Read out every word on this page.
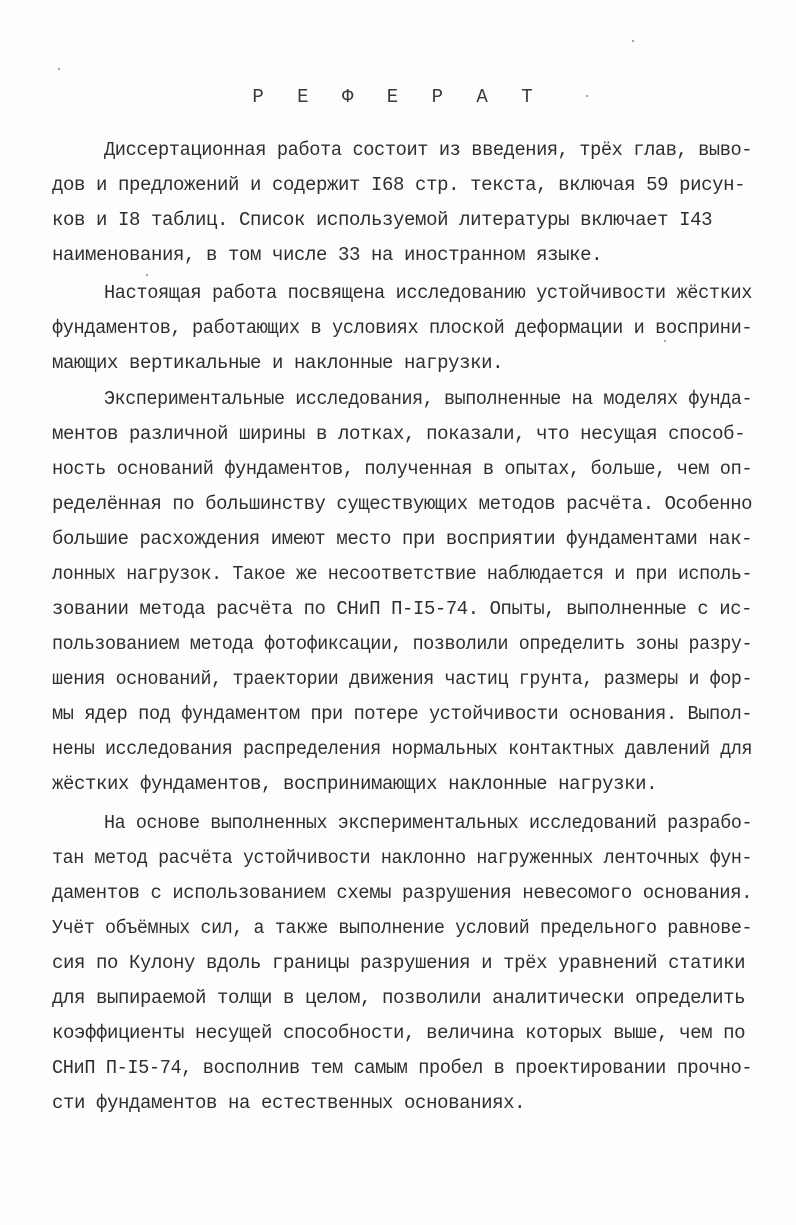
Р Е Ф Е Р А Т
Диссертационная работа состоит из введения, трёх глав, выво-
дов и предложений и содержит I68 стр. текста, включая 59 рисун-
ков и I8 таблиц. Список используемой литературы включает I43
наименования, в том числе 33 на иностранном языке.
Настоящая работа посвящена исследованию устойчивости жёстких
фундаментов, работающих в условиях плоской деформации и восприни-
мающих вертикальные и наклонные нагрузки.
Экспериментальные исследования, выполненные на моделях фунда-
ментов различной ширины в лотках, показали, что несущая способ-
ность оснований фундаментов, полученная в опытах, больше, чем оп-
ределённая по большинству существующих методов расчёта. Особенно
большие расхождения имеют место при восприятии фундаментами нак-
лонных нагрузок. Такое же несоответствие наблюдается и при исполь-
зовании метода расчёта по СНиП П-I5-74. Опыты, выполненные с ис-
пользованием метода фотофиксации, позволили определить зоны разру-
шения оснований, траектории движения частиц грунта, размеры и фор-
мы ядер под фундаментом при потере устойчивости основания. Выпол-
нены исследования распределения нормальных контактных давлений для
жёстких фундаментов, воспринимающих наклонные нагрузки.
На основе выполненных экспериментальных исследований разрабо-
тан метод расчёта устойчивости наклонно нагруженных ленточных фун-
даментов с использованием схемы разрушения невесомого основания.
Учёт объёмных сил, а также выполнение условий предельного равнове-
сия по Кулону вдоль границы разрушения и трёх уравнений статики
для выпираемой толщи в целом, позволили аналитически определить
коэффициенты несущей способности, величина которых выше, чем по
СНиП П-I5-74, восполнив тем самым пробел в проектировании прочно-
сти фундаментов на естественных основаниях.
